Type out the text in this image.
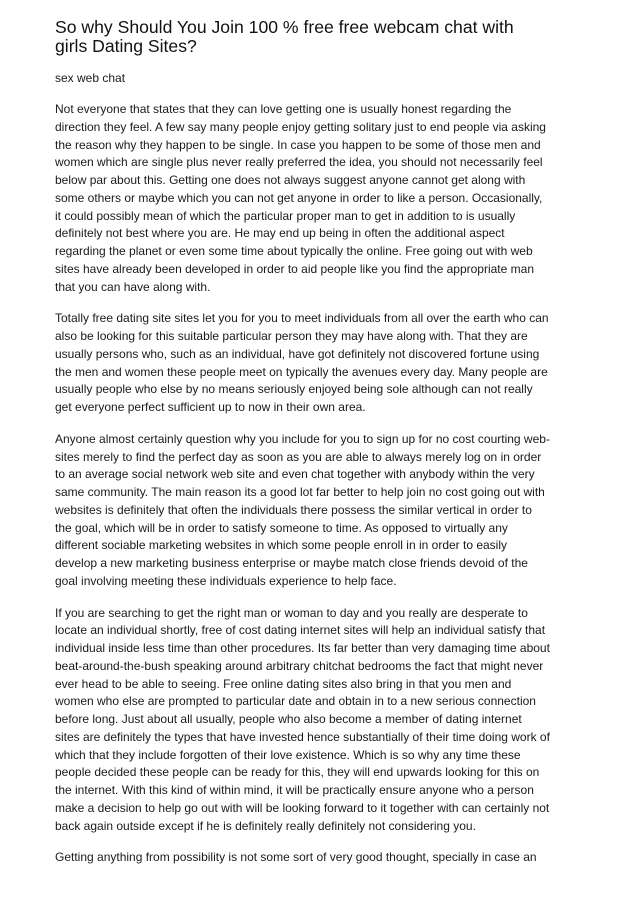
So why Should You Join 100 % free free webcam chat with
girls Dating Sites?

sex web chat

Not everyone that states that they can love getting one is usually honest regarding the
direction they feel. A few say many people enjoy getting solitary just to end people via asking
the reason why they happen to be single. In case you happen to be some of those men and
women which are single plus never really preferred the idea, you should not necessarily feel
below par about this. Getting one does not always suggest anyone cannot get along with
some others or maybe which you can not get anyone in order to like a person. Occasionally,
it could possibly mean of which the particular proper man to get in addition to is usually
definitely not best where you are. He may end up being in often the additional aspect
regarding the planet or even some time about typically the online. Free going out with web
sites have already been developed in order to aid people like you find the appropriate man
that you can have along with.

Totally free dating site sites let you for you to meet individuals from all over the earth who can
also be looking for this suitable particular person they may have along with. That they are
usually persons who, such as an individual, have got definitely not discovered fortune using
the men and women these people meet on typically the avenues every day. Many people are
usually people who else by no means seriously enjoyed being sole although can not really
get everyone perfect sufficient up to now in their own area.

Anyone almost certainly question why you include for you to sign up for no cost courting web-
sites merely to find the perfect day as soon as you are able to always merely log on in order
to an average social network web site and even chat together with anybody within the very
same community. The main reason its a good lot far better to help join no cost going out with
websites is definitely that often the individuals there possess the similar vertical in order to
the goal, which will be in order to satisfy someone to time. As opposed to virtually any
different sociable marketing websites in which some people enroll in in order to easily
develop a new marketing business enterprise or maybe match close friends devoid of the
goal involving meeting these individuals experience to help face.

If you are searching to get the right man or woman to day and you really are desperate to
locate an individual shortly, free of cost dating internet sites will help an individual satisfy that
individual inside less time than other procedures. Its far better than very damaging time about
beat-around-the-bush speaking around arbitrary chitchat bedrooms the fact that might never
ever head to be able to seeing. Free online dating sites also bring in that you men and
women who else are prompted to particular date and obtain in to a new serious connection
before long. Just about all usually, people who also become a member of dating internet
sites are definitely the types that have invested hence substantially of their time doing work of
which that they include forgotten of their love existence. Which is so why any time these
people decided these people can be ready for this, they will end upwards looking for this on
the internet. With this kind of within mind, it will be practically ensure anyone who a person
make a decision to help go out with will be looking forward to it together with can certainly not
back again outside except if he is definitely really definitely not considering you.

Getting anything from possibility is not some sort of very good thought, specially in case an
